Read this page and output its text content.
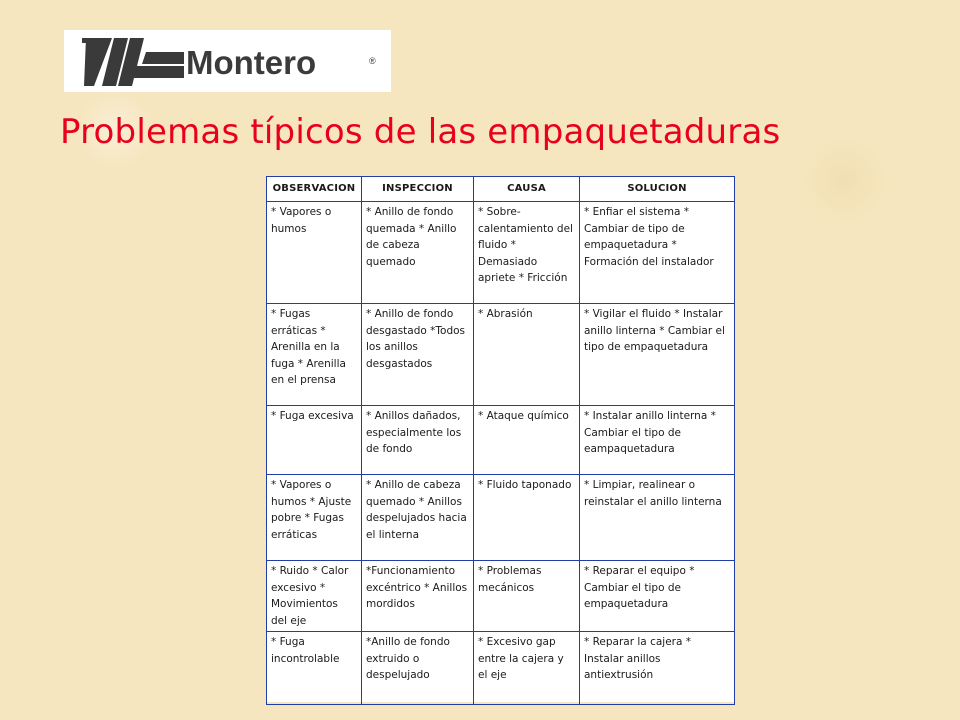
Montero	®
Problemas típicos de las empaquetaduras
OBSERVACION	INSPECCION	CAUSA	SOLUCION
* Vapores o humos	* Anillo de fondo quemada * Anillo de cabeza quemado	* Sobre-calentamiento del fluido * Demasiado apriete * Fricción	* Enfiar el sistema * Cambiar de tipo de empaquetadura * Formación del instalador
* Fugas erráticas * Arenilla en la fuga * Arenilla en el prensa	* Anillo de fondo desgastado *Todos los anillos desgastados	* Abrasión	* Vigilar el fluido * Instalar anillo linterna * Cambiar el tipo de empaquetadura
* Fuga excesiva	* Anillos dañados, especialmente los de fondo	* Ataque químico	* Instalar anillo linterna * Cambiar el tipo de eampaquetadura
* Vapores o humos * Ajuste pobre * Fugas erráticas	* Anillo de cabeza quemado * Anillos despelujados hacia el linterna	* Fluido taponado	* Limpiar, realinear o reinstalar el anillo linterna
* Ruido * Calor excesivo * Movimientos del eje	*Funcionamiento excéntrico * Anillos mordidos	* Problemas mecánicos	* Reparar el equipo * Cambiar el tipo de empaquetadura
* Fuga incontrolable	*Anillo de fondo extruido o despelujado	* Excesivo gap entre la cajera y el eje	* Reparar la cajera * Instalar anillos antiextrusión
